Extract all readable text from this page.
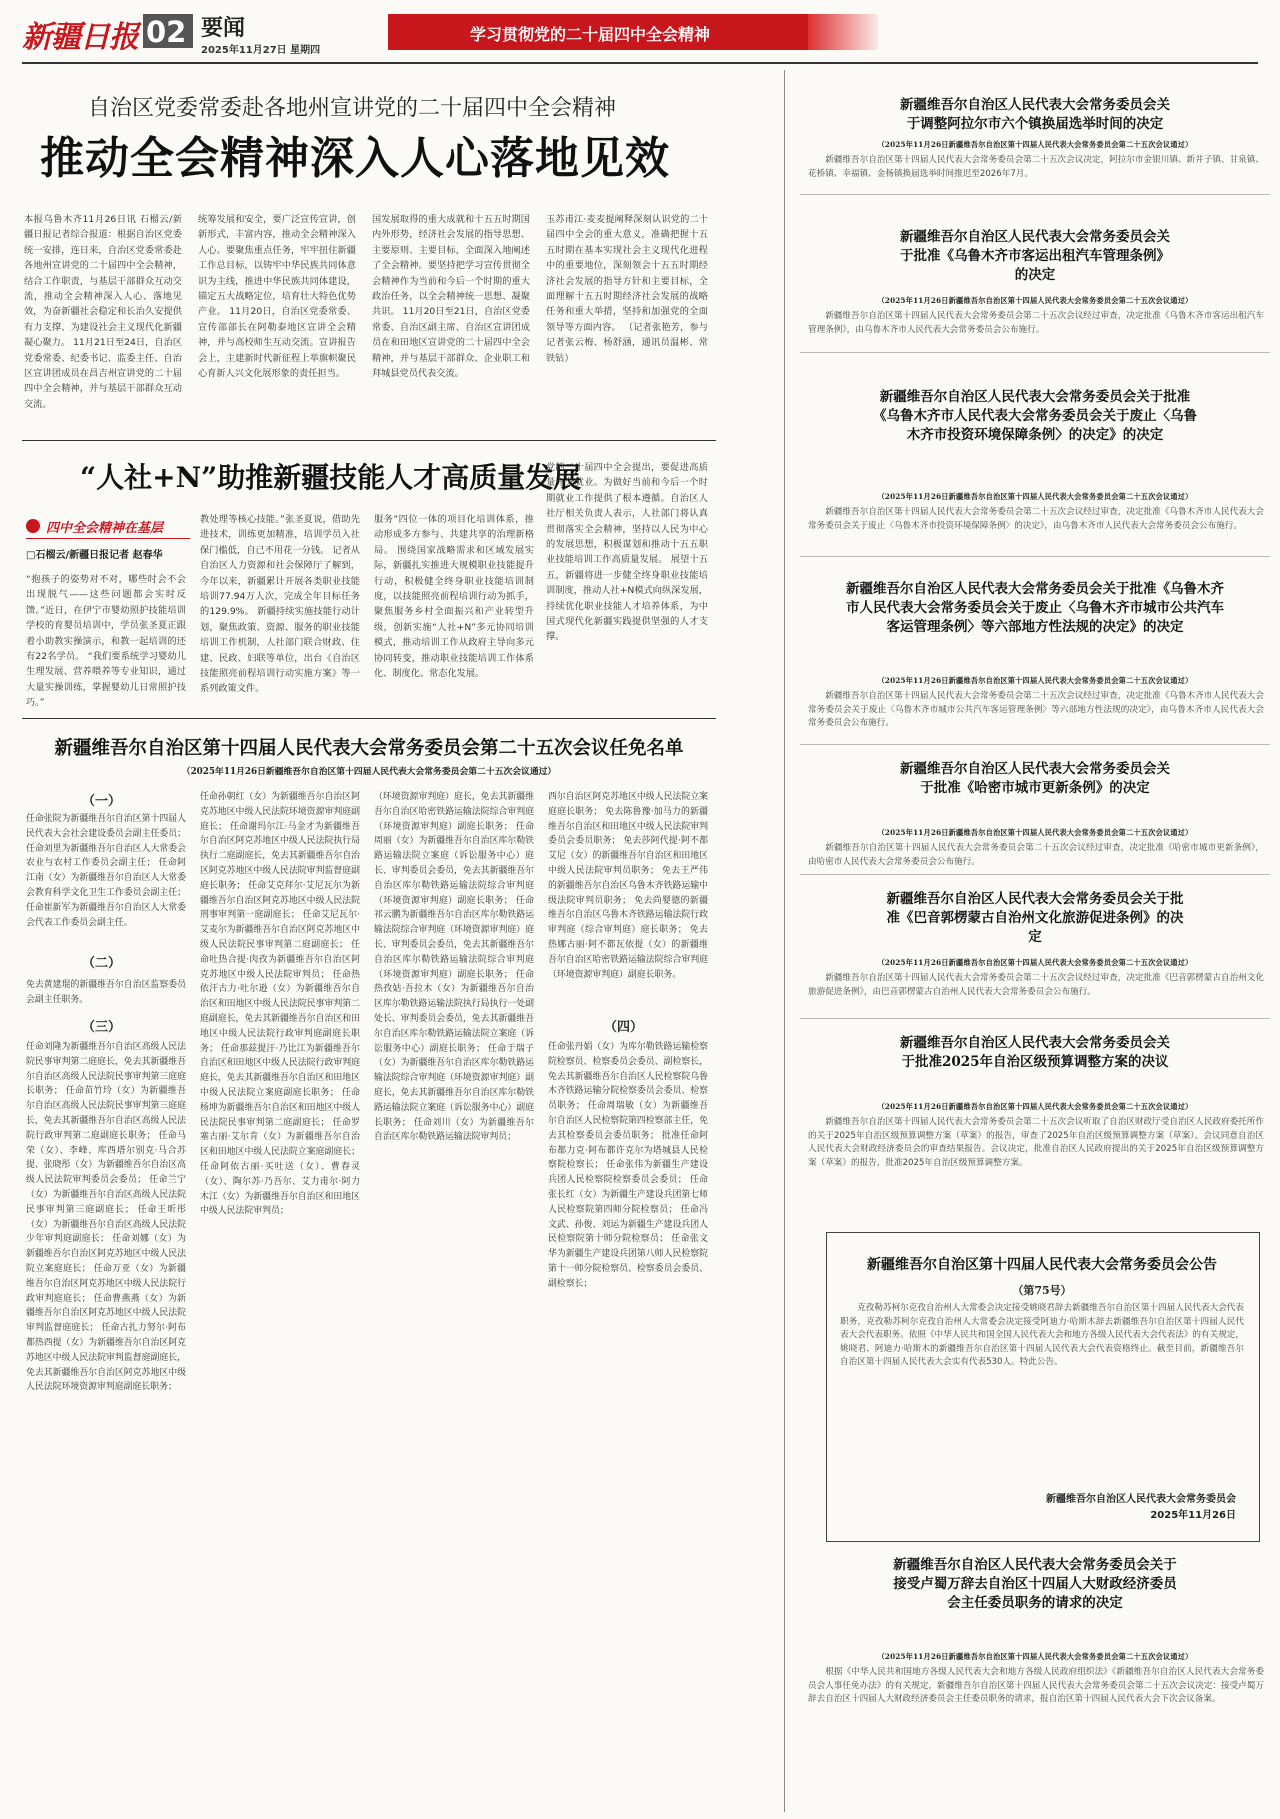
新疆日报 02 要闻
2025年11月27日 星期四
学习贯彻党的二十届四中全会精神
自治区党委常委赴各地州宣讲党的二十届四中全会精神
推动全会精神深入人心落地见效
本报乌鲁木齐11月26日讯 石榴云/新疆日报记者综合报道：根据自治区党委统一安排，连日来，自治区党委常委赴各地州宣讲党的二十届四中全会精神，结合工作职责，与基层干部群众互动交流，推动全会精神深入人心、落地见效，为奋新疆社会稳定和长治久安提供有力支撑、为建设社会主义现代化新疆凝心聚力。 11月21日至24日，自治区党委常委、纪委书记、监委主任、自治区宣讲团成员在昌吉州宣讲党的二十届四中全会精神，并与基层干部群众互动交流。
统筹发展和安全，要广泛宣传宣讲，创新形式，丰富内容，推动全会精神深入人心。要聚焦重点任务，牢牢扭住新疆工作总目标，以铸牢中华民族共同体意识为主线，推进中华民族共同体建设，锚定五大战略定位，培育壮大特色优势产业。 11月20日，自治区党委常委、宣传部部长在阿勒泰地区宣讲全会精神，并与高校师生互动交流。宣讲报告会上，主建新时代新征程上举旗帜聚民心育新人兴文化展形象的责任担当。
国发展取得的重大成就和十五五时期国内外形势，经济社会发展的指导思想、主要原则、主要目标，全面深入地阐述了全会精神。要坚持把学习宣传贯彻全会精神作为当前和今后一个时期的重大政治任务，以全会精神统一思想、凝聚共识。 11月20日至21日，自治区党委常委、自治区副主席、自治区宣讲团成员在和田地区宣讲党的二十届四中全会精神，并与基层干部群众、企业职工和拜城县党员代表交流。
玉苏甫江·麦麦提阐释深刻认识党的二十届四中全会的重大意义，准确把握十五五时期在基本实现社会主义现代化进程中的重要地位，深刻领会十五五时期经济社会发展的指导方针和主要目标，全面理解十五五时期经济社会发展的战略任务和重大举措，坚持和加强党的全面领导等方面内容。 （记者张艳芳，参与记者张云梅、杨舒涵，通讯员温彬、常铁钻）
“人社+N”助推新疆技能人才高质量发展
四中全会精神在基层
□石榴云/新疆日报记者 赵春华
“抱孩子的姿势对不对，哪些时会不会出现脱气——这些问题都会实时反馈。”近日，在伊宁市婴幼照护技能培训学校的育婴员培训中，学员张圣夏正跟着小助教实操演示，和教一起培训的还有22名学员。 “我们要系统学习婴幼儿生理发展、营养喂养等专业知识，通过大量实操训练，掌握婴幼儿日常照护技巧。”
教处理等核心技能。”张圣夏说，借助先进技术，训练更加精准，培训学员入社保门槛低，自己不用花一分钱。 记者从自治区人力资源和社会保障厅了解到，今年以来，新疆累计开展各类职业技能培训77.94万人次，完成全年目标任务的129.9%。 新疆持续实施技能行动计划，聚焦政策、资源、服务的职业技能培训工作机制，人社部门联合财政、住建、民政、妇联等单位，出台《自治区技能照亮前程培训行动实施方案》等一系列政策文件。
服务”四位一体的项目化培训体系，推动形成多方参与、共建共享的治理新格局。 围绕国家战略需求和区域发展实际，新疆扎实推进大规模职业技能提升行动，积极健全终身职业技能培训制度，以技能照亮前程培训行动为抓手，聚焦服务乡村全面振兴和产业转型升级，创新实施“人社+N”多元协同培训模式，推动培训工作从政府主导向多元协同转变，推动职业技能培训工作体系化、制度化、常态化发展。
党的二十届四中全会提出，要促进高质量充分就业。为做好当前和今后一个时期就业工作提供了根本遵循。自治区人社厅相关负责人表示，人社部门将认真贯彻落实全会精神，坚持以人民为中心的发展思想，积极谋划和推动十五五职业技能培训工作高质量发展。 展望十五五，新疆将进一步健全终身职业技能培训制度，推动人社+N模式向纵深发展，持续优化职业技能人才培养体系，为中国式现代化新疆实践提供坚强的人才支撑。
新疆维吾尔自治区第十四届人民代表大会常务委员会第二十五次会议任免名单
（2025年11月26日新疆维吾尔自治区第十四届人民代表大会常务委员会第二十五次会议通过）
（一）
任命张院为新疆维吾尔自治区第十四届人民代表大会社会建设委员会副主任委员； 任命刘里为新疆维吾尔自治区人大常委会农业与农村工作委员会副主任； 任命阿江南（女）为新疆维吾尔自治区人大常委会教育科学文化卫生工作委员会副主任； 任命崔新军为新疆维吾尔自治区人大常委会代表工作委员会副主任。
（二）
免去黄建琨的新疆维吾尔自治区监察委员会副主任职务。
（三）
任命刘隆为新疆维吾尔自治区高级人民法院民事审判第二庭庭长，免去其新疆维吾尔自治区高级人民法院民事审判第三庭庭长职务； 任命苗竹玲（女）为新疆维吾尔自治区高级人民法院民事审判第三庭庭长，免去其新疆维吾尔自治区高级人民法院行政审判第二庭副庭长职务； 任命马荣（女）、李峰、库西塔尔别克·马合苏提、张晓彤（女）为新疆维吾尔自治区高级人民法院审判委员会委员； 任命兰宁（女）为新疆维吾尔自治区高级人民法院民事审判第三庭副庭长； 任命王昕彤（女）为新疆维吾尔自治区高级人民法院少年审判庭副庭长； 任命刘娜（女）为新疆维吾尔自治区阿克苏地区中级人民法院立案庭庭长； 任命万亚（女）为新疆维吾尔自治区阿克苏地区中级人民法院行政审判庭庭长； 任命曹燕燕（女）为新疆维吾尔自治区阿克苏地区中级人民法院审判监督庭庭长； 任命古扎力努尔·阿布都热西提（女）为新疆维吾尔自治区阿克苏地区中级人民法院审判监督庭副庭长，免去其新疆维吾尔自治区阿克苏地区中级人民法院环境资源审判庭副庭长职务；
任命孙朝红（女）为新疆维吾尔自治区阿克苏地区中级人民法院环境资源审判庭副庭长； 任命谢玛尔江·马金才为新疆维吾尔自治区阿克苏地区中级人民法院执行局执行二庭副庭长，免去其新疆维吾尔自治区阿克苏地区中级人民法院审判监督庭副庭长职务； 任命艾克拜尔·艾尼瓦尔为新疆维吾尔自治区阿克苏地区中级人民法院刑事审判第一庭副庭长； 任命艾尼瓦尔·艾麦尔为新疆维吾尔自治区阿克苏地区中级人民法院民事审判第二庭副庭长； 任命吐热合提·肉孜为新疆维吾尔自治区阿克苏地区中级人民法院审判员； 任命热依汗古力·吐尔逊（女）为新疆维吾尔自治区和田地区中级人民法院民事审判第二庭副庭长，免去其新疆维吾尔自治区和田地区中级人民法院行政审判庭副庭长职务； 任命那兹提汗·乃比江为新疆维吾尔自治区和田地区中级人民法院行政审判庭庭长，免去其新疆维吾尔自治区和田地区中级人民法院立案庭副庭长职务； 任命杨坤为新疆维吾尔自治区和田地区中级人民法院民事审判第二庭副庭长； 任命罗塞古丽·艾尔肯（女）为新疆维吾尔自治区和田地区中级人民法院立案庭副庭长； 任命阿依古丽·买吐送（女）、曹春灵（女）、陶尔苏·乃吾尔、艾力甫尔·阿力木江（女）为新疆维吾尔自治区和田地区中级人民法院审判员；
（环境资源审判庭）庭长，免去其新疆维吾尔自治区哈密铁路运输法院综合审判庭（环境资源审判庭）副庭长职务； 任命周丽（女）为新疆维吾尔自治区库尔勒铁路运输法院立案庭（诉讼服务中心）庭长、审判委员会委员，免去其新疆维吾尔自治区库尔勒铁路运输法院综合审判庭（环境资源审判庭）副庭长职务； 任命祁云鹏为新疆维吾尔自治区库尔勒铁路运输法院综合审判庭（环境资源审判庭）庭长、审判委员会委员，免去其新疆维吾尔自治区库尔勒铁路运输法院综合审判庭（环境资源审判庭）副庭长职务； 任命热孜姑·吾拉木（女）为新疆维吾尔自治区库尔勒铁路运输法院执行局执行一处副处长、审判委员会委员，免去其新疆维吾尔自治区库尔勒铁路运输法院立案庭（诉讼服务中心）副庭长职务； 任命于瑞子（女）为新疆维吾尔自治区库尔勒铁路运输法院综合审判庭（环境资源审判庭）副庭长，免去其新疆维吾尔自治区库尔勒铁路运输法院立案庭（诉讼服务中心）副庭长职务； 任命刘川（女）为新疆维吾尔自治区库尔勒铁路运输法院审判员；
西尔自治区阿克苏地区中级人民法院立案庭庭长职务； 免去陈鲁豫·加马力的新疆维吾尔自治区和田地区中级人民法院审判委员会委员职务； 免去莎阿代提·阿不都艾尼（女）的新疆维吾尔自治区和田地区中级人民法院审判员职务； 免去王严伟的新疆维吾尔自治区乌鲁木齐铁路运输中级法院审判员职务； 免去尚婴德的新疆维吾尔自治区乌鲁木齐铁路运输法院行政审判庭（综合审判庭）庭长职务； 免去热娜古丽·阿不都瓦依提（女）的新疆维吾尔自治区哈密铁路运输法院综合审判庭（环境资源审判庭）副庭长职务。
（四）
任命张丹娟（女）为库尔勒铁路运输检察院检察员、检察委员会委员、副检察长，免去其新疆维吾尔自治区人民检察院乌鲁木齐铁路运输分院检察委员会委员、检察员职务； 任命周瑞敏（女）为新疆维吾尔自治区人民检察院第四检察部主任，免去其检察委员会委员职务； 批准任命阿布都力克·阿布都许克尔为塔城县人民检察院检察长； 任命张伟为新疆生产建设兵团人民检察院检察委员会委员； 任命张长红（女）为新疆生产建设兵团第七师人民检察院第四师分院检察员； 任命冯文武、孙俊、刘运为新疆生产建设兵团人民检察院第十师分院检察员； 任命张文华为新疆生产建设兵团第八师人民检察院第十一师分院检察员、检察委员会委员、副检察长；
新疆维吾尔自治区人民代表大会常务委员会关于调整阿拉尔市六个镇换届选举时间的决定
（2025年11月26日新疆维吾尔自治区第十四届人民代表大会常务委员会第二十五次会议通过）
新疆维吾尔自治区第十四届人民代表大会常务委员会第二十五次会议决定，阿拉尔市金银川镇、新井子镇、甘泉镇、花桥镇、幸福镇、金杨镇换届选举时间推迟至2026年7月。
新疆维吾尔自治区人民代表大会常务委员会关于批准《乌鲁木齐市客运出租汽车管理条例》的决定
（2025年11月26日新疆维吾尔自治区第十四届人民代表大会常务委员会第二十五次会议通过）
新疆维吾尔自治区第十四届人民代表大会常务委员会第二十五次会议经过审查，决定批准《乌鲁木齐市客运出租汽车管理条例》，由乌鲁木齐市人民代表大会常务委员会公布施行。
新疆维吾尔自治区人民代表大会常务委员会关于批准《乌鲁木齐市人民代表大会常务委员会关于废止〈乌鲁木齐市投资环境保障条例〉的决定》的决定
（2025年11月26日新疆维吾尔自治区第十四届人民代表大会常务委员会第二十五次会议通过）
新疆维吾尔自治区第十四届人民代表大会常务委员会第二十五次会议经过审查，决定批准《乌鲁木齐市人民代表大会常务委员会关于废止〈乌鲁木齐市投资环境保障条例〉的决定》，由乌鲁木齐市人民代表大会常务委员会公布施行。
新疆维吾尔自治区人民代表大会常务委员会关于批准《乌鲁木齐市人民代表大会常务委员会关于废止〈乌鲁木齐市城市公共汽车客运管理条例〉等六部地方性法规的决定》的决定
（2025年11月26日新疆维吾尔自治区第十四届人民代表大会常务委员会第二十五次会议通过）
新疆维吾尔自治区第十四届人民代表大会常务委员会第二十五次会议经过审查，决定批准《乌鲁木齐市人民代表大会常务委员会关于废止〈乌鲁木齐市城市公共汽车客运管理条例〉等六部地方性法规的决定》，由乌鲁木齐市人民代表大会常务委员会公布施行。
新疆维吾尔自治区人民代表大会常务委员会关于批准《哈密市城市更新条例》的决定
（2025年11月26日新疆维吾尔自治区第十四届人民代表大会常务委员会第二十五次会议通过）
新疆维吾尔自治区第十四届人民代表大会常务委员会第二十五次会议经过审查，决定批准《哈密市城市更新条例》，由哈密市人民代表大会常务委员会公布施行。
新疆维吾尔自治区人民代表大会常务委员会关于批准《巴音郭楞蒙古自治州文化旅游促进条例》的决定
（2025年11月26日新疆维吾尔自治区第十四届人民代表大会常务委员会第二十五次会议通过）
新疆维吾尔自治区第十四届人民代表大会常务委员会第二十五次会议经过审查，决定批准《巴音郭楞蒙古自治州文化旅游促进条例》，由巴音郭楞蒙古自治州人民代表大会常务委员会公布施行。
新疆维吾尔自治区人民代表大会常务委员会关于批准2025年自治区级预算调整方案的决议
（2025年11月26日新疆维吾尔自治区第十四届人民代表大会常务委员会第二十五次会议通过）
新疆维吾尔自治区第十四届人民代表大会常务委员会第二十五次会议听取了自治区财政厅受自治区人民政府委托所作的关于2025年自治区级预算调整方案（草案）的报告，审查了2025年自治区级预算调整方案（草案）。会议同意自治区人民代表大会财政经济委员会的审查结果报告。会议决定，批准自治区人民政府提出的关于2025年自治区级预算调整方案（草案）的报告，批准2025年自治区级预算调整方案。
新疆维吾尔自治区第十四届人民代表大会常务委员会公告
（第75号）
克孜勒苏柯尔克孜自治州人大常委会决定接受姚晓君辞去新疆维吾尔自治区第十四届人民代表大会代表职务，克孜勒苏柯尔克孜自治州人大常委会决定接受阿迪力·哈斯木辞去新疆维吾尔自治区第十四届人民代表大会代表职务。依照《中华人民共和国全国人民代表大会和地方各级人民代表大会代表法》的有关规定，姚晓君、阿迪力·哈斯木的新疆维吾尔自治区第十四届人民代表大会代表资格终止。截至目前，新疆维吾尔自治区第十四届人民代表大会实有代表530人。特此公告。
新疆维吾尔自治区人民代表大会常务委员会
2025年11月26日
新疆维吾尔自治区人民代表大会常务委员会关于接受卢蜀万辞去自治区十四届人大财政经济委员会主任委员职务的请求的决定
（2025年11月26日新疆维吾尔自治区第十四届人民代表大会常务委员会第二十五次会议通过）
根据《中华人民共和国地方各级人民代表大会和地方各级人民政府组织法》《新疆维吾尔自治区人民代表大会常务委员会人事任免办法》的有关规定，新疆维吾尔自治区第十四届人民代表大会常务委员会第二十五次会议决定：接受卢蜀万辞去自治区十四届人大财政经济委员会主任委员职务的请求，报自治区第十四届人民代表大会下次会议备案。
